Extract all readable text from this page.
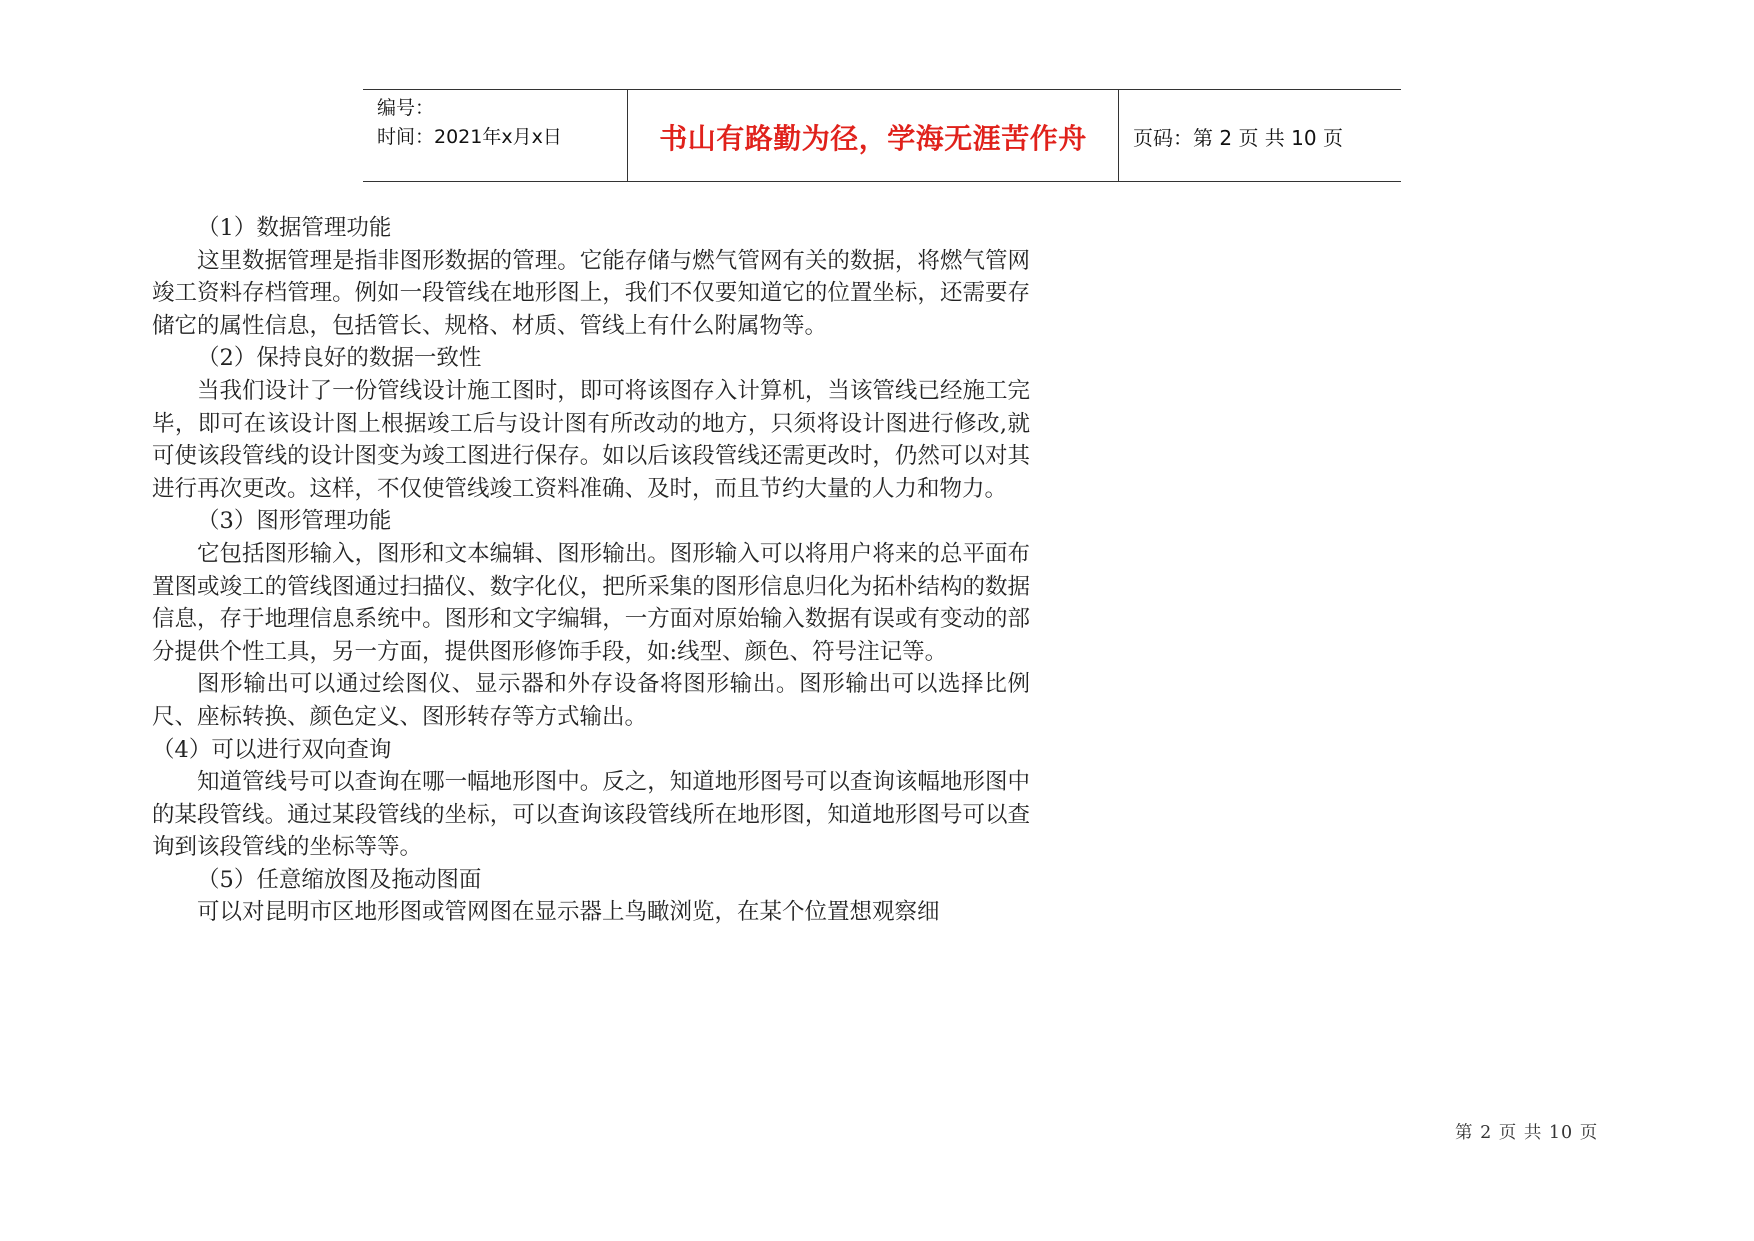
编号：
时间：2021年x月x日	书山有路勤为径，学海无涯苦作舟	页码：第 2 页 共 10 页

（1）数据管理功能

这里数据管理是指非图形数据的管理。它能存储与燃气管网有关的数据，将燃气管网竣工资料存档管理。例如一段管线在地形图上，我们不仅要知道它的位置坐标，还需要存储它的属性信息，包括管长、规格、材质、管线上有什么附属物等。

（2）保持良好的数据一致性

当我们设计了一份管线设计施工图时，即可将该图存入计算机，当该管线已经施工完毕，即可在该设计图上根据竣工后与设计图有所改动的地方，只须将设计图进行修改,就可使该段管线的设计图变为竣工图进行保存。如以后该段管线还需更改时，仍然可以对其进行再次更改。这样，不仅使管线竣工资料准确、及时，而且节约大量的人力和物力。

（3）图形管理功能

它包括图形输入，图形和文本编辑、图形输出。图形输入可以将用户将来的总平面布置图或竣工的管线图通过扫描仪、数字化仪，把所采集的图形信息归化为拓朴结构的数据信息，存于地理信息系统中。图形和文字编辑，一方面对原始输入数据有误或有变动的部分提供个性工具，另一方面，提供图形修饰手段，如:线型、颜色、符号注记等。

图形输出可以通过绘图仪、显示器和外存设备将图形输出。图形输出可以选择比例尺、座标转换、颜色定义、图形转存等方式输出。

（4）可以进行双向查询

知道管线号可以查询在哪一幅地形图中。反之，知道地形图号可以查询该幅地形图中的某段管线。通过某段管线的坐标，可以查询该段管线所在地形图，知道地形图号可以查询到该段管线的坐标等等。

（5）任意缩放图及拖动图面

可以对昆明市区地形图或管网图在显示器上鸟瞰浏览，在某个位置想观察细

第 2 页 共 10 页
